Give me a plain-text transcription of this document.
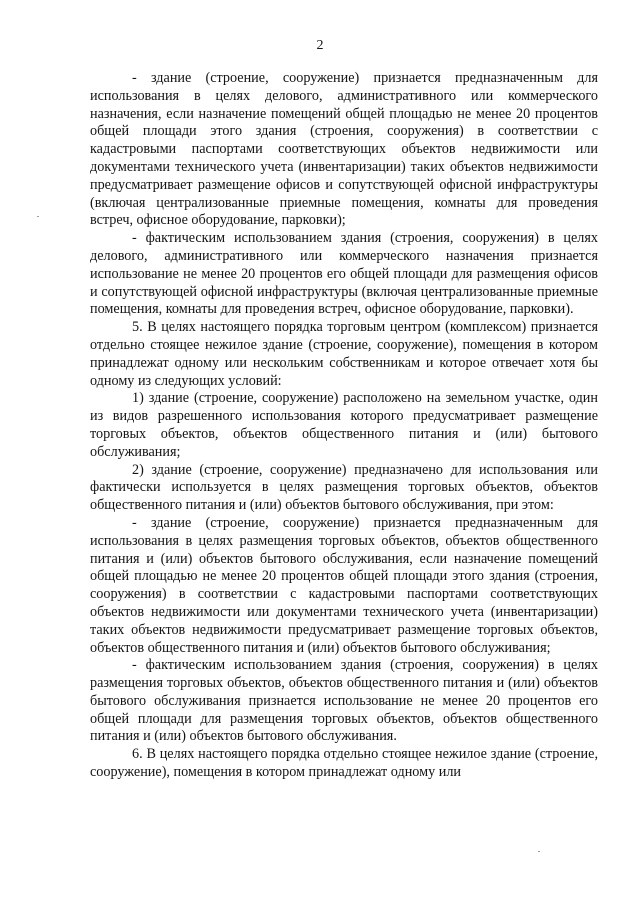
2

- здание (строение, сооружение) признается предназначенным для использования в целях делового, административного или коммерческого назначения, если назначение помещений общей площадью не менее 20 процентов общей площади этого здания (строения, сооружения) в соответствии с кадастровыми паспортами соответствующих объектов недвижимости или документами технического учета (инвентаризации) таких объектов недвижимости предусматривает размещение офисов и сопутствующей офисной инфраструктуры (включая централизованные приемные помещения, комнаты для проведения встреч, офисное оборудование, парковки);

- фактическим использованием здания (строения, сооружения) в целях делового, административного или коммерческого назначения признается использование не менее 20 процентов его общей площади для размещения офисов и сопутствующей офисной инфраструктуры (включая централизованные приемные помещения, комнаты для проведения встреч, офисное оборудование, парковки).

5. В целях настоящего порядка торговым центром (комплексом) признается отдельно стоящее нежилое здание (строение, сооружение), помещения в котором принадлежат одному или нескольким собственникам и которое отвечает хотя бы одному из следующих условий:

1) здание (строение, сооружение) расположено на земельном участке, один из видов разрешенного использования которого предусматривает размещение торговых объектов, объектов общественного питания и (или) бытового обслуживания;

2) здание (строение, сооружение) предназначено для использования или фактически используется в целях размещения торговых объектов, объектов общественного питания и (или) объектов бытового обслуживания, при этом:

- здание (строение, сооружение) признается предназначенным для использования в целях размещения торговых объектов, объектов общественного питания и (или) объектов бытового обслуживания, если назначение помещений общей площадью не менее 20 процентов общей площади этого здания (строения, сооружения) в соответствии с кадастровыми паспортами соответствующих объектов недвижимости или документами технического учета (инвентаризации) таких объектов недвижимости предусматривает размещение торговых объектов, объектов общественного питания и (или) объектов бытового обслуживания;

- фактическим использованием здания (строения, сооружения) в целях размещения торговых объектов, объектов общественного питания и (или) объектов бытового обслуживания признается использование не менее 20 процентов его общей площади для размещения торговых объектов, объектов общественного питания и (или) объектов бытового обслуживания.

6. В целях настоящего порядка отдельно стоящее нежилое здание (строение, сооружение), помещения в котором принадлежат одному или
